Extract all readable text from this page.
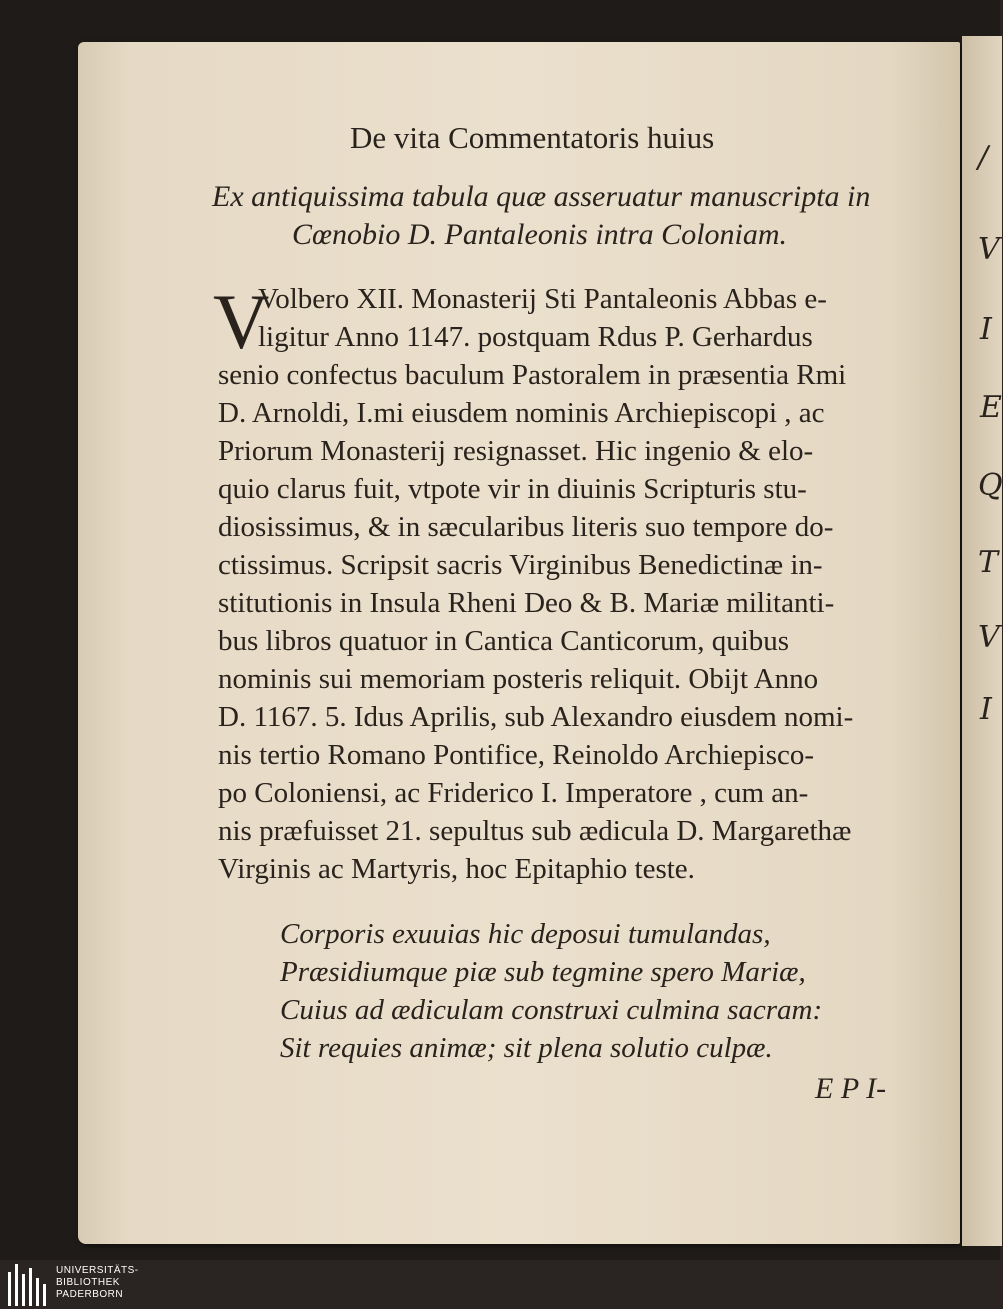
/
V
I
E
Q
T
V
I
De vita Commentatoris huius
Ex antiquissima tabula quæ asseruatur manuscripta in
Cœnobio D. Pantaleonis intra Coloniam.
V
Volbero XII. Monasterij Sti Pantaleonis Abbas e-
ligitur Anno 1147. postquam Rdus P. Gerhardus
senio confectus baculum Pastoralem in præsentia Rmi
D. Arnoldi, I.mi eiusdem nominis Archiepiscopi , ac
Priorum Monasterij resignasset. Hic ingenio & elo-
quio clarus fuit, vtpote vir in diuinis Scripturis stu-
diosissimus, & in sæcularibus literis suo tempore do-
ctissimus. Scripsit sacris Virginibus Benedictinæ in-
stitutionis in Insula Rheni Deo & B. Mariæ militanti-
bus libros quatuor in Cantica Canticorum, quibus
nominis sui memoriam posteris reliquit. Obijt Anno
D. 1167. 5. Idus Aprilis, sub Alexandro eiusdem nomi-
nis tertio Romano Pontifice, Reinoldo Archiepisco-
po Coloniensi, ac Friderico I. Imperatore , cum an-
nis præfuisset 21. sepultus sub ædicula D. Margarethæ
Virginis ac Martyris, hoc Epitaphio teste.
Corporis exuuias hic deposui tumulandas,
Præsidiumque piæ sub tegmine spero Mariæ,
Cuius ad ædiculam construxi culmina sacram:
Sit requies animæ; sit plena solutio culpæ.
E P I-
UNIVERSITÄTS-
BIBLIOTHEK
PADERBORN
